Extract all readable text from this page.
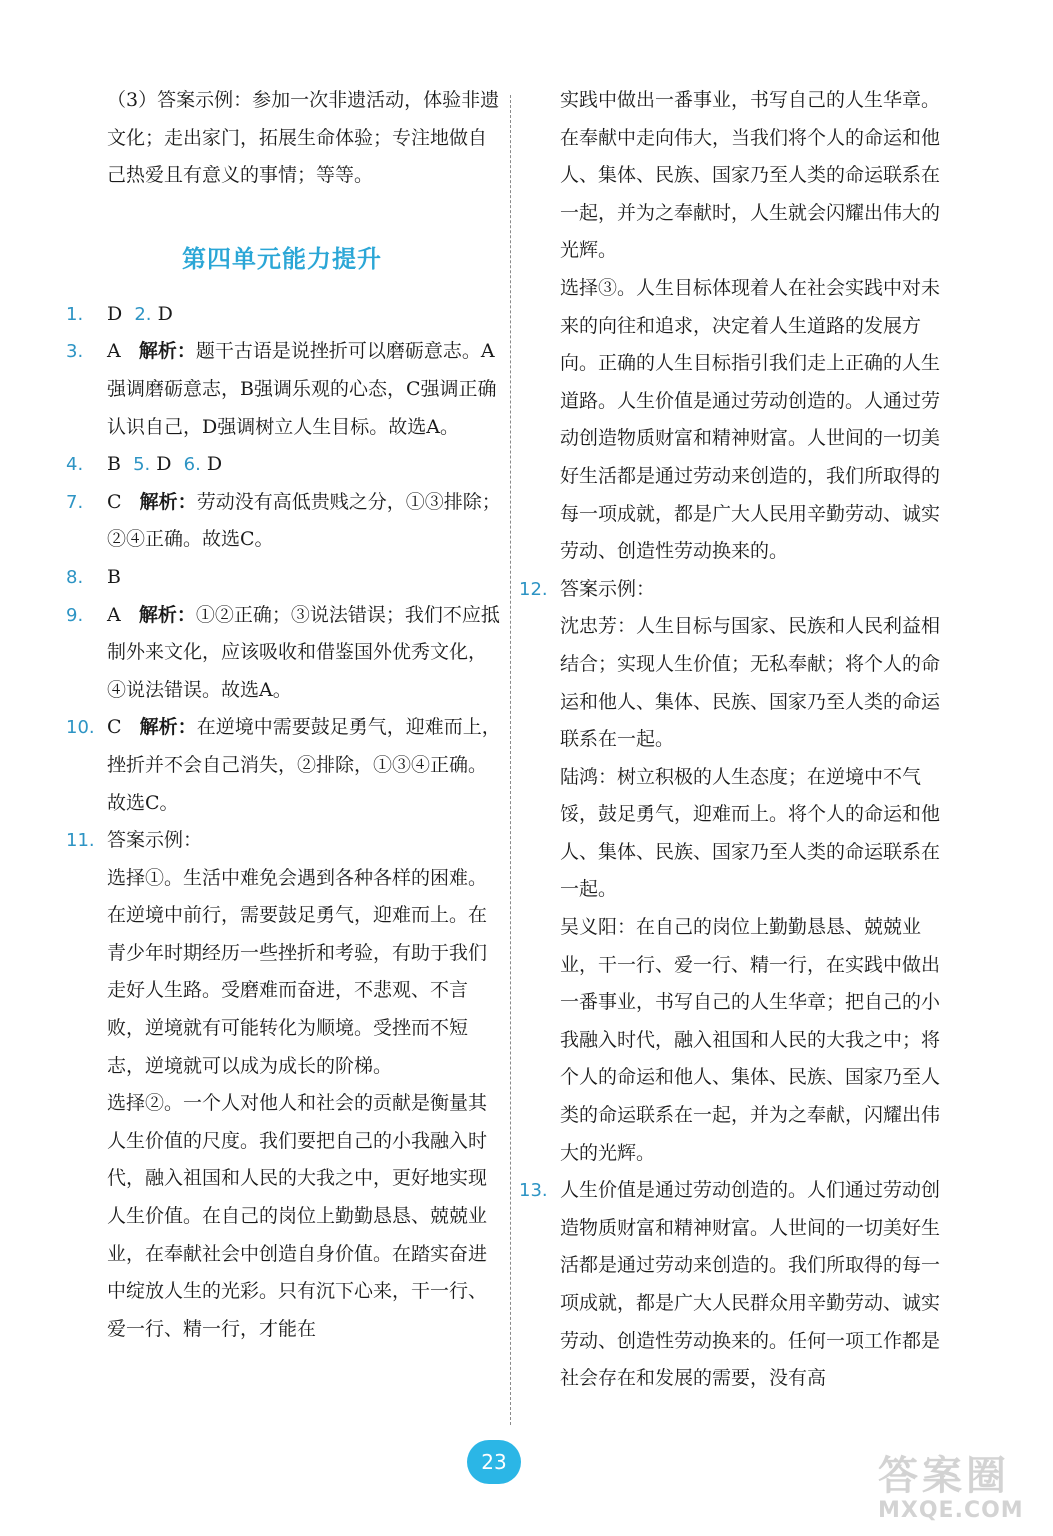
（3）答案示例：参加一次非遗活动，体验非遗文化；走出家门，拓展生命体验；专注地做自己热爱且有意义的事情；等等。

第四单元能力提升

1. D 2. D

3. A 解析：题干古语是说挫折可以磨砺意志。A强调磨砺意志，B强调乐观的心态，C强调正确认识自己，D强调树立人生目标。故选A。

4. B 5. D 6. D

7. C 解析：劳动没有高低贵贱之分，①③排除；②④正确。故选C。

8. B

9. A 解析：①②正确；③说法错误；我们不应抵制外来文化，应该吸收和借鉴国外优秀文化，④说法错误。故选A。

10. C 解析：在逆境中需要鼓足勇气，迎难而上，挫折并不会自己消失，②排除，①③④正确。故选C。

11. 答案示例：

选择①。生活中难免会遇到各种各样的困难。在逆境中前行，需要鼓足勇气，迎难而上。在青少年时期经历一些挫折和考验，有助于我们走好人生路。受磨难而奋进，不悲观、不言败，逆境就有可能转化为顺境。受挫而不短志，逆境就可以成为成长的阶梯。

选择②。一个人对他人和社会的贡献是衡量其人生价值的尺度。我们要把自己的小我融入时代，融入祖国和人民的大我之中，更好地实现人生价值。在自己的岗位上勤勤恳恳、兢兢业业，在奉献社会中创造自身价值。在踏实奋进中绽放人生的光彩。只有沉下心来，干一行、爱一行、精一行，才能在

实践中做出一番事业，书写自己的人生华章。在奉献中走向伟大，当我们将个人的命运和他人、集体、民族、国家乃至人类的命运联系在一起，并为之奉献时，人生就会闪耀出伟大的光辉。

选择③。人生目标体现着人在社会实践中对未来的向往和追求，决定着人生道路的发展方向。正确的人生目标指引我们走上正确的人生道路。人生价值是通过劳动创造的。人通过劳动创造物质财富和精神财富。人世间的一切美好生活都是通过劳动来创造的，我们所取得的每一项成就，都是广大人民用辛勤劳动、诚实劳动、创造性劳动换来的。

12. 答案示例：

沈忠芳：人生目标与国家、民族和人民利益相结合；实现人生价值；无私奉献；将个人的命运和他人、集体、民族、国家乃至人类的命运联系在一起。

陆鸿：树立积极的人生态度；在逆境中不气馁，鼓足勇气，迎难而上。将个人的命运和他人、集体、民族、国家乃至人类的命运联系在一起。

吴义阳：在自己的岗位上勤勤恳恳、兢兢业业，干一行、爱一行、精一行，在实践中做出一番事业，书写自己的人生华章；把自己的小我融入时代，融入祖国和人民的大我之中；将个人的命运和他人、集体、民族、国家乃至人类的命运联系在一起，并为之奉献，闪耀出伟大的光辉。

13. 人生价值是通过劳动创造的。人们通过劳动创造物质财富和精神财富。人世间的一切美好生活都是通过劳动来创造的。我们所取得的每一项成就，都是广大人民群众用辛勤劳动、诚实劳动、创造性劳动换来的。任何一项工作都是社会存在和发展的需要，没有高

23	答案圈
MXQE.COM
